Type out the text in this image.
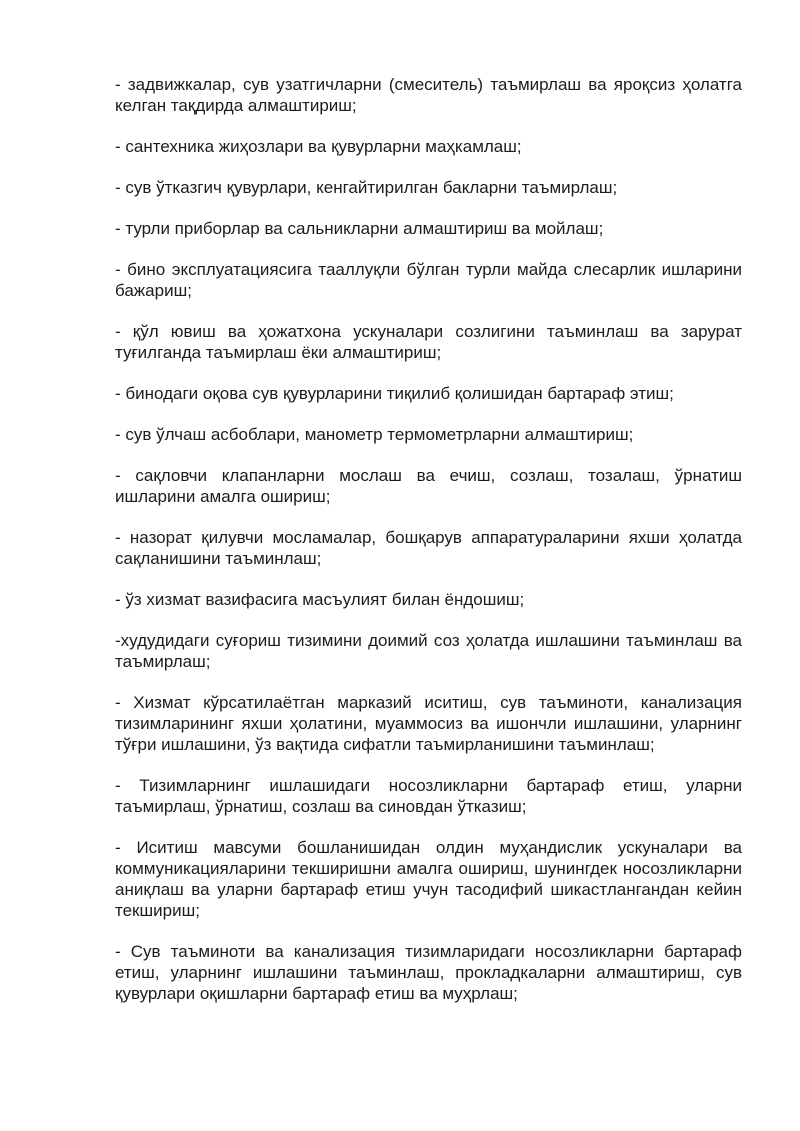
- задвижкалар, сув узатгичларни (смеситель) таъмирлаш ва яроқсиз ҳолатга келган тақдирда алмаштириш;

- сантехника жиҳозлари ва қувурларни маҳкамлаш;

- сув ўтказгич қувурлари, кенгайтирилган бакларни таъмирлаш;

- турли приборлар ва сальникларни алмаштириш ва мойлаш;

- бино эксплуатациясига тааллуқли бўлган турли майда слесарлик ишларини бажариш;

- қўл ювиш ва ҳожатхона ускуналари созлигини таъминлаш ва зарурат туғилганда таъмирлаш ёки алмаштириш;

- бинодаги оқова сув қувурларини тиқилиб қолишидан бартараф этиш;

- сув ўлчаш асбоблари, манометр термометрларни алмаштириш;

- сақловчи клапанларни мослаш ва ечиш, созлаш, тозалаш, ўрнатиш ишларини амалга ошириш;

- назорат қилувчи мосламалар, бошқарув аппаратураларини яхши ҳолатда сақланишини таъминлаш;

- ўз хизмат вазифасига масъулият билан ёндошиш;

-худудидаги суғориш тизимини доимий соз ҳолатда ишлашини таъминлаш ва таъмирлаш;

- Хизмат кўрсатилаётган марказий иситиш, сув таъминоти, канализация тизимларининг яхши ҳолатини, муаммосиз ва ишончли ишлашини, уларнинг тўғри ишлашини, ўз вақтида сифатли таъмирланишини таъминлаш;

- Тизимларнинг ишлашидаги носозликларни бартараф етиш, уларни таъмирлаш, ўрнатиш, созлаш ва синовдан ўтказиш;

- Иситиш мавсуми бошланишидан олдин муҳандислик ускуналари ва коммуникацияларини текширишни амалга ошириш, шунингдек носозликларни аниқлаш ва уларни бартараф етиш учун тасодифий шикастлангандан кейин текшириш;

- Сув таъминоти ва канализация тизимларидаги носозликларни бартараф етиш, уларнинг ишлашини таъминлаш, прокладкаларни алмаштириш, сув қувурлари оқишларни бартараф етиш ва муҳрлаш;
